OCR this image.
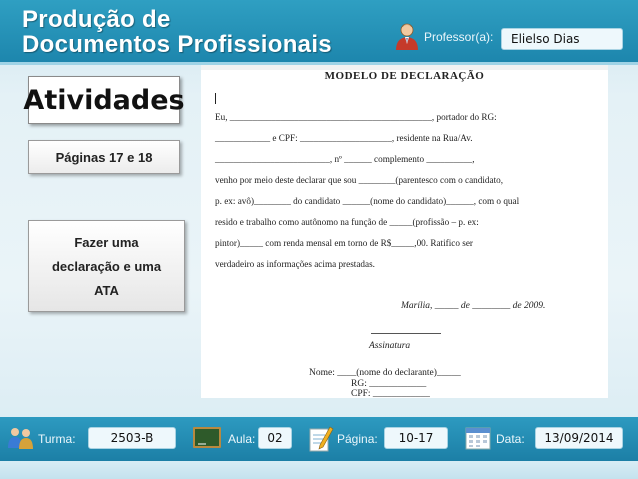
Produção de
Documentos Profissionais	Professor(a):	Elielso Dias
Atividades
Páginas 17 e 18
Fazer uma
declaração e uma
ATA
MODELO DE DECLARAÇÃO
Eu, ____________________________________________, portador do RG:
____________ e CPF: ____________________, residente na Rua/Av.
_________________________, nº ______ complemento __________,
venho por meio deste declarar que sou ________(parentesco com o candidato,
p. ex: avô)________ do candidato ______(nome do candidato)______, com o qual
resido e trabalho como autônomo na função de _____(profissão – p. ex:
pintor)_____ com renda mensal em torno de R$_____,00. Ratifico ser
verdadeiro as informações acima prestadas.
Marília, _____ de ________ de 2009.
Assinatura
Nome: ____(nome do declarante)_____
RG: ____________
CPF: ____________
Turma:	2503-B	Aula:	02	Página:	10-17	Data:	13/09/2014
